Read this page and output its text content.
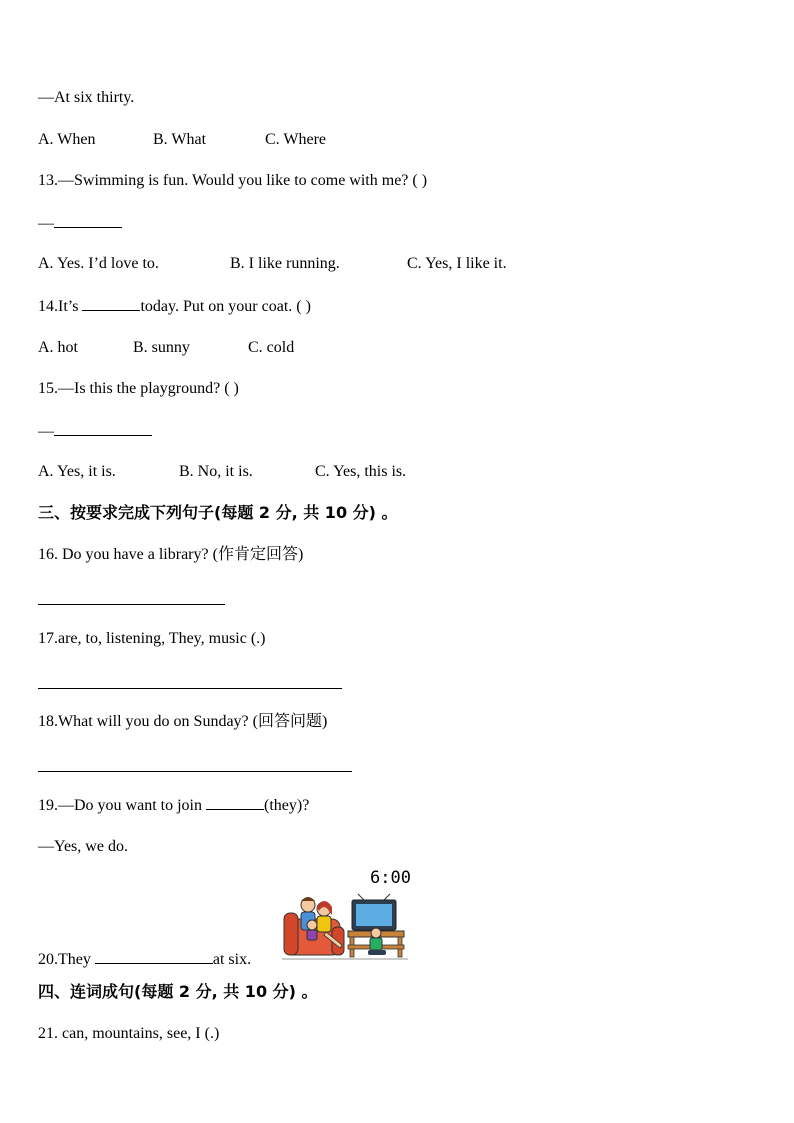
—At six thirty.
A. When	B. What	C. Where
13.—Swimming is fun. Would you like to come with me? ( )
—
A. Yes. I’d love to.	B. I like running.	C. Yes, I like it.
14.It’s	today. Put on your coat. ( )
A. hot	B. sunny	C. cold
15.—Is this the playground? ( )
—
A. Yes, it is.	B. No, it is.	C. Yes, this is.
三、按要求完成下列句子(每题 2 分, 共 10 分) 。
16. Do you have a library? (作肯定回答)
17.are, to, listening, They, music (.)
18.What will you do on Sunday? (回答问题)
19.—Do you want to join	(they)?
—Yes, we do.
6:00
20.They	at six.
四、连词成句(每题 2 分, 共 10 分) 。
21. can, mountains, see, I (.)
